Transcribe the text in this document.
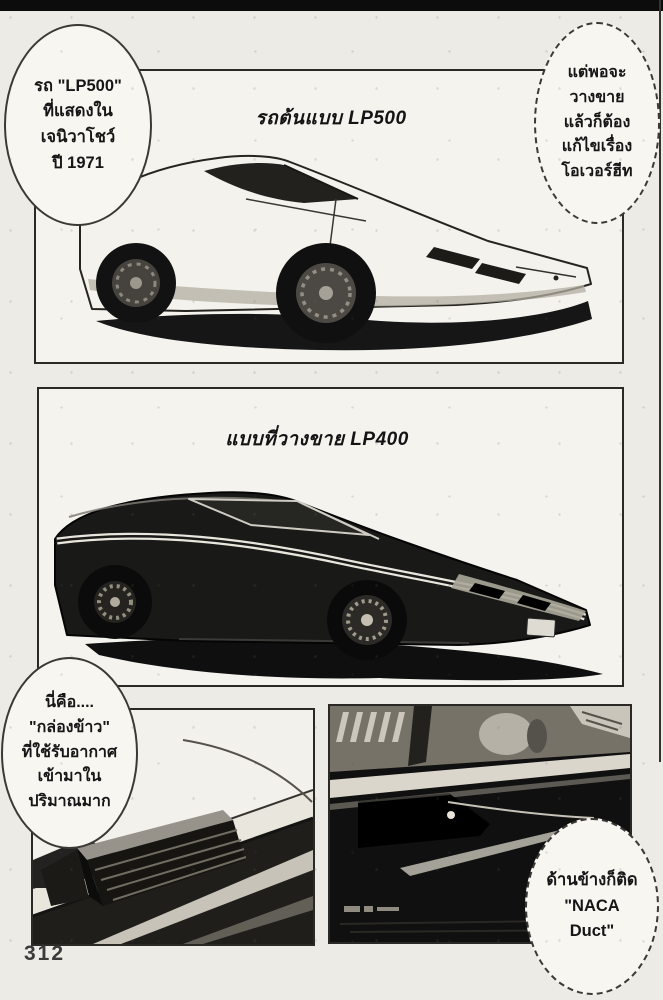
รถต้นแบบ LP500
แบบที่วางขาย LP400
รถ "LP500"
ที่แสดงใน
เจนิวาโชว์
ปี 1971
แต่พอจะ
วางขาย
แล้วก็ต้อง
แก้ไขเรื่อง
โอเวอร์ฮีท
นี่คือ....
"กล่องข้าว"
ที่ใช้รับอากาศ
เข้ามาใน
ปริมาณมาก
ด้านข้างก็ติด
"NACA
Duct"
312
